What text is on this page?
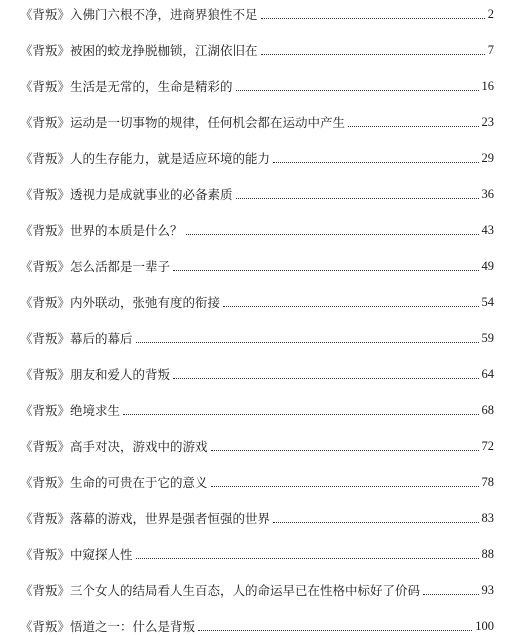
《背叛》入佛门六根不净，进商界狼性不足	2
《背叛》被困的蛟龙挣脱枷锁，江湖依旧在	7
《背叛》生活是无常的，生命是精彩的	16
《背叛》运动是一切事物的规律，任何机会都在运动中产生	23
《背叛》人的生存能力，就是适应环境的能力	29
《背叛》透视力是成就事业的必备素质	36
《背叛》世界的本质是什么？	43
《背叛》怎么活都是一辈子	49
《背叛》内外联动，张弛有度的衔接	54
《背叛》幕后的幕后	59
《背叛》朋友和爱人的背叛	64
《背叛》绝境求生	68
《背叛》高手对决，游戏中的游戏	72
《背叛》生命的可贵在于它的意义	78
《背叛》落幕的游戏，世界是强者恒强的世界	83
《背叛》中窥探人性	88
《背叛》三个女人的结局看人生百态，人的命运早已在性格中标好了价码	93
《背叛》悟道之一：什么是背叛	100
